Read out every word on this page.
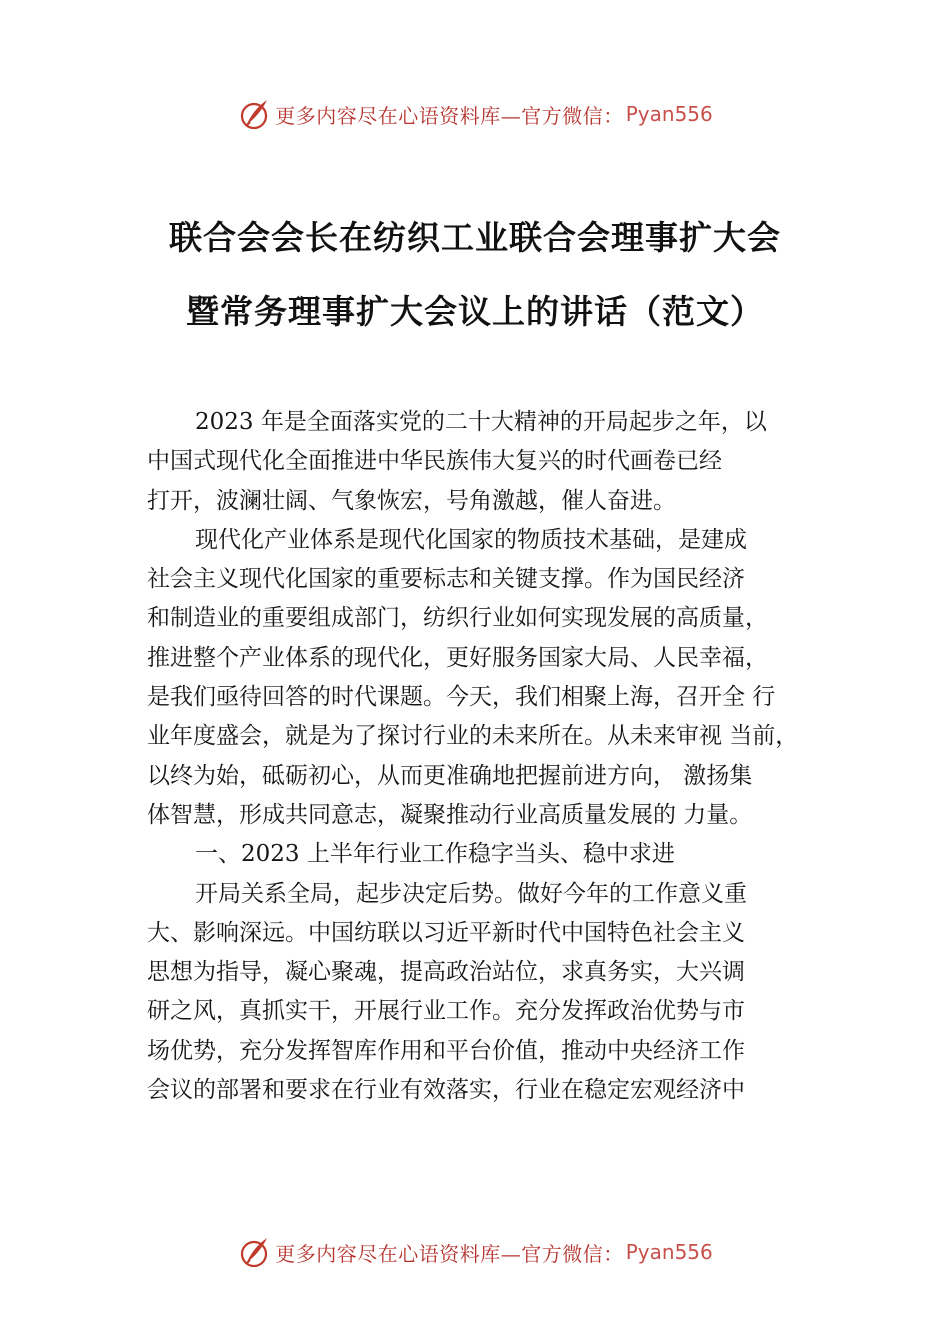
更多内容尽在心语资料库—官方微信： Pyan556
联合会会长在纺织工业联合会理事扩大会
暨常务理事扩大会议上的讲话（范文）
2023 年是全面落实党的二十大精神的开局起步之年，以
中国式现代化全面推进中华民族伟大复兴的时代画卷已经
打开，波澜壮阔、气象恢宏，号角激越，催人奋进。
现代化产业体系是现代化国家的物质技术基础，是建成
社会主义现代化国家的重要标志和关键支撑。作为国民经济
和制造业的重要组成部门，纺织行业如何实现发展的高质量，
推进整个产业体系的现代化，更好服务国家大局、人民幸福，
是我们亟待回答的时代课题。今天，我们相聚上海，召开全 行
业年度盛会，就是为了探讨行业的未来所在。从未来审视 当前，
以终为始，砥砺初心，从而更准确地把握前进方向， 激扬集
体智慧，形成共同意志，凝聚推动行业高质量发展的 力量。
一、2023 上半年行业工作稳字当头、稳中求进
开局关系全局，起步决定后势。做好今年的工作意义重
大、影响深远。中国纺联以习近平新时代中国特色社会主义
思想为指导，凝心聚魂，提高政治站位，求真务实，大兴调
研之风，真抓实干，开展行业工作。充分发挥政治优势与市
场优势，充分发挥智库作用和平台价值，推动中央经济工作
会议的部署和要求在行业有效落实，行业在稳定宏观经济中
更多内容尽在心语资料库—官方微信： Pyan556
